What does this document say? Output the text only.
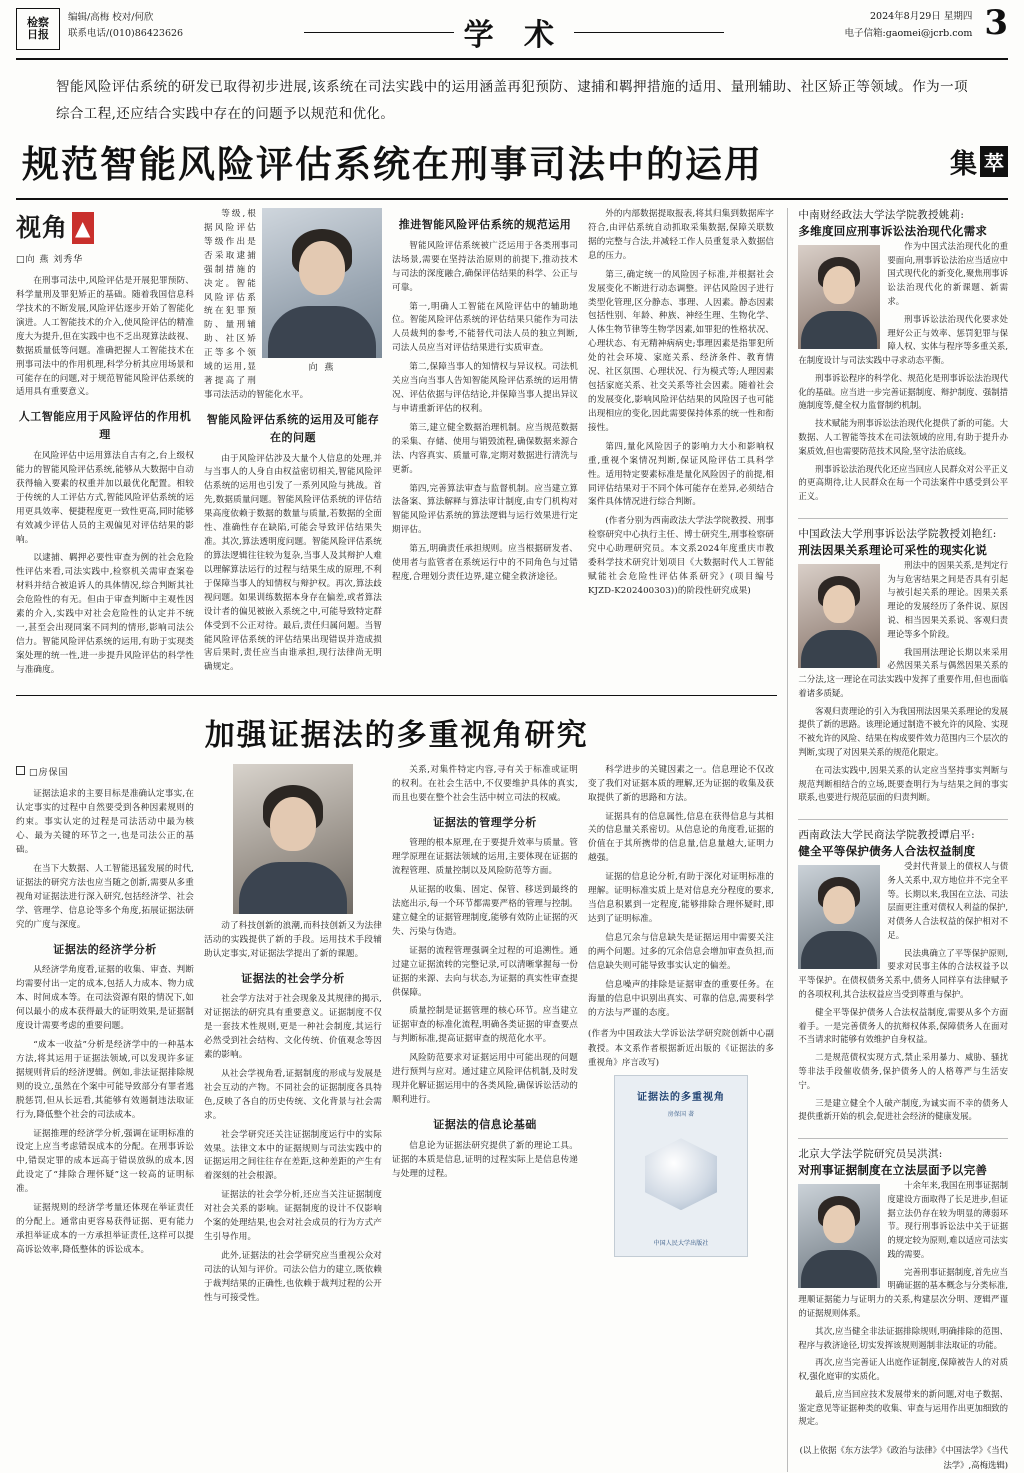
检察
日报
编辑/高梅 校对/何欣
联系电话/(010)86423626	学 术
2024年8月29日 星期四
电子信箱:gaomei@jcrb.com 3
智能风险评估系统的研发已取得初步进展,该系统在司法实践中的运用涵盖再犯预防、逮捕和羁押措施的适用、量刑辅助、社区矫正等领域。作为一项综合工程,还应结合实践中存在的问题予以规范和优化。
规范智能风险评估系统在刑事司法中的运用	集 萃
视角 ▲
□向 燕 刘秀华

在刑事司法中,风险评估是开展犯罪预防、科学量刑及罪犯矫正的基础。随着我国信息科学技术的不断发展,风险评估逐步开始了智能化演进。人工智能技术的介入,使风险评估的精准度大为提升,但在实践中也不乏出现算法歧视、数据质量低等问题。准确把握人工智能技术在刑事司法中的作用机理,科学分析其应用场景和可能存在的问题,对于规范智能风险评估系统的适用具有重要意义。

人工智能应用于风险评估的作用机理

在风险评估中运用算法自古有之,台上级权能力的智能风险评估系统,能够从大数据中自动获得输入要素的权重并加以最优化配置。相较于传统的人工评估方式,智能风险评估系统的运用更具效率、便捷程度更一致性更高,同时能够有效减少评估人员的主观偏见对评估结果的影响。

以逮捕、羁押必要性审查为例的社会危险性评估来看,司法实践中,检察机关需审查案卷材料并结合被追诉人的具体情况,综合判断其社会危险性的有无。但由于审查判断中主观性因素的介入,实践中对社会危险性的认定并不统一,甚至会出现同案不同判的情形,影响司法公信力。智能风险评估系统的运用,有助于实现类案处理的统一性,进一步提升风险评估的科学性与准确度。

向 燕

等级,根据风险评估等级作出是否采取逮捕强制措施的决定。智能风险评估系统在犯罪预防、量刑辅助、社区矫正等多个领域的运用,显著提高了刑事司法活动的智能化水平。

智能风险评估系统的运用及可能存在的问题

由于风险评估涉及大量个人信息的处理,并与当事人的人身自由权益密切相关,智能风险评估系统的运用也引发了一系列风险与挑战。首先,数据质量问题。智能风险评估系统的评估结果高度依赖于数据的数量与质量,若数据的全面性、准确性存在缺陷,可能会导致评估结果失准。其次,算法透明度问题。智能风险评估系统的算法逻辑往往较为复杂,当事人及其辩护人难以理解算法运行的过程与结果生成的原理,不利于保障当事人的知情权与辩护权。再次,算法歧视问题。如果训练数据本身存在偏差,或者算法设计者的偏见被嵌入系统之中,可能导致特定群体受到不公正对待。最后,责任归属问题。当智能风险评估系统的评估结果出现错误并造成损害后果时,责任应当由谁承担,现行法律尚无明确规定。

推进智能风险评估系统的规范运用

智能风险评估系统被广泛运用于各类刑事司法场景,需要在坚持法治原则的前提下,推动技术与司法的深度融合,确保评估结果的科学、公正与可靠。

第一,明确人工智能在风险评估中的辅助地位。智能风险评估系统的评估结果只能作为司法人员裁判的参考,不能替代司法人员的独立判断,司法人员应当对评估结果进行实质审查。

第二,保障当事人的知情权与异议权。司法机关应当向当事人告知智能风险评估系统的运用情况、评估依据与评估结论,并保障当事人提出异议与申请重新评估的权利。

第三,建立健全数据治理机制。应当规范数据的采集、存储、使用与销毁流程,确保数据来源合法、内容真实、质量可靠,定期对数据进行清洗与更新。

第四,完善算法审查与监督机制。应当建立算法备案、算法解释与算法审计制度,由专门机构对智能风险评估系统的算法逻辑与运行效果进行定期评估。

第五,明确责任承担规则。应当根据研发者、使用者与监管者在系统运行中的不同角色与过错程度,合理划分责任边界,建立健全救济途径。

外的内部数据提取报表,将其归集到数据库字符合,由评估系统自动抓取采集数据,保障关联数据的完整与合法,并减轻工作人员重复录入数据信息的压力。

第三,确定统一的风险因子标准,并根据社会发展变化不断进行动态调整。评估风险因子进行类型化管理,区分静态、事理、人因素。静态因素包括性别、年龄、种族、神经生理、生物化学、人体生物节律等生物学因素,如罪犯的性格状况、心理状态、有无精神病病史;事理因素是指罪犯所处的社会环境、家庭关系、经济条件、教育情况、社区氛围、心理状况、行为模式等;人理因素包括家庭关系、社交关系等社会因素。随着社会的发展变化,影响风险评估结果的风险因子也可能出现相应的变化,因此需要保持体系的统一性和衔接性。

第四,量化风险因子的影响力大小和影响权重,重视个案情况判断,保证风险评估工具科学性。适用特定要素标准是量化风险因子的前提,相同评估结果对于不同个体可能存在差异,必须结合案件具体情况进行综合判断。

(作者分别为西南政法大学法学院教授、刑事检察研究中心执行主任、博士研究生,刑事检察研究中心助理研究员。本文系2024年度重庆市教委科学技术研究计划项目《大数据时代人工智能赋能社会危险性评估体系研究》(项目编号KJZD-K202400303))的阶段性研究成果)

加强证据法的多重视角研究
□房保国

证据法追求的主要目标是准确认定事实,在认定事实的过程中自然要受到各种因素规则的约束。事实认定的过程是司法活动中最为核心、最为关键的环节之一,也是司法公正的基础。

在当下大数据、人工智能迅猛发展的时代,证据法的研究方法也应当随之创新,需要从多重视角对证据法进行深入研究,包括经济学、社会学、管理学、信息论等多个角度,拓展证据法研究的广度与深度。

证据法的经济学分析

从经济学角度看,证据的收集、审查、判断均需要付出一定的成本,包括人力成本、物力成本、时间成本等。在司法资源有限的情况下,如何以最小的成本获得最大的证明效果,是证据制度设计需要考虑的重要问题。

“成本一收益”分析是经济学中的一种基本方法,将其运用于证据法领域,可以发现许多证据规则背后的经济逻辑。例如,非法证据排除规则的设立,虽然在个案中可能导致部分有罪者逃脱惩罚,但从长远看,其能够有效遏制违法取证行为,降低整个社会的司法成本。

证据推理的经济学分析,强调在证明标准的设定上应当考虑错误成本的分配。在刑事诉讼中,错误定罪的成本远高于错误放纵的成本,因此设定了“排除合理怀疑”这一较高的证明标准。

证据规则的经济学考量还体现在举证责任的分配上。通常由更容易获得证据、更有能力承担举证成本的一方承担举证责任,这样可以提高诉讼效率,降低整体的诉讼成本。

动了科技创新的浪潮,而科技创新又为法律活动的实践提供了新的手段。运用技术手段辅助认定事实,对证据法学提出了新的课题。

证据法的社会学分析

社会学方法对于社会现象及其规律的揭示,对证据法的研究具有重要意义。证据制度不仅是一套技术性规则,更是一种社会制度,其运行必然受到社会结构、文化传统、价值观念等因素的影响。

从社会学视角看,证据制度的形成与发展是社会互动的产物。不同社会的证据制度各具特色,反映了各自的历史传统、文化背景与社会需求。

社会学研究还关注证据制度运行中的实际效果。法律文本中的证据规则与司法实践中的证据运用之间往往存在差距,这种差距的产生有着深刻的社会根源。

证据法的社会学分析,还应当关注证据制度对社会关系的影响。证据制度的设计不仅影响个案的处理结果,也会对社会成员的行为方式产生引导作用。

此外,证据法的社会学研究应当重视公众对司法的认知与评价。司法公信力的建立,既依赖于裁判结果的正确性,也依赖于裁判过程的公开性与可接受性。

关系,对集件特定内容,寻有关于标准或证明的权利。在社会生活中,不仅要维护具体的真实,而且也要在整个社会生活中树立司法的权威。

证据法的管理学分析

管理的根本原理,在于要提升效率与质量。管理学原理在证据法领域的运用,主要体现在证据的流程管理、质量控制以及风险防范等方面。

从证据的收集、固定、保管、移送到最终的法庭出示,每一个环节都需要严格的管理与控制。建立健全的证据管理制度,能够有效防止证据的灭失、污染与伪造。

证据的流程管理强调全过程的可追溯性。通过建立证据流转的完整记录,可以清晰掌握每一份证据的来源、去向与状态,为证据的真实性审查提供保障。

质量控制是证据管理的核心环节。应当建立证据审查的标准化流程,明确各类证据的审查要点与判断标准,提高证据审查的规范化水平。

风险防范要求对证据运用中可能出现的问题进行预判与应对。通过建立风险评估机制,及时发现并化解证据运用中的各类风险,确保诉讼活动的顺利进行。

证据法的信息论基础

信息论为证据法研究提供了新的理论工具。证据的本质是信息,证明的过程实际上是信息传递与处理的过程。

科学进步的关键因素之一。信息理论不仅改变了我们对证据本质的理解,还为证据的收集及获取提供了新的思路和方法。

证据具有的信息属性,信息在获得信息与其相关的信息量关系密切。从信息论的角度看,证据的价值在于其所携带的信息量,信息量越大,证明力越强。

证据的信息论分析,有助于深化对证明标准的理解。证明标准实质上是对信息充分程度的要求,当信息积累到一定程度,能够排除合理怀疑时,即达到了证明标准。

信息冗余与信息缺失是证据运用中需要关注的两个问题。过多的冗余信息会增加审查负担,而信息缺失则可能导致事实认定的偏差。

信息噪声的排除是证据审查的重要任务。在海量的信息中识别出真实、可靠的信息,需要科学的方法与严谨的态度。

(作者为中国政法大学诉讼法学研究院创新中心副教授。本文系作者根据新近出版的《证据法的多重视角》序言改写)
证据法的多重视角
房保国 著
中国人民大学出版社
中南财经政法大学法学院教授姚莉:
多维度回应刑事诉讼法治现代化需求

作为中国式法治现代化的重要面向,刑事诉讼法治应当适应中国式现代化的新变化,聚焦刑事诉讼法治现代化的新课题、新需求。

刑事诉讼法治现代化要求处理好公正与效率、惩罚犯罪与保障人权、实体与程序等多重关系,在制度设计与司法实践中寻求动态平衡。

刑事诉讼程序的科学化、规范化是刑事诉讼法治现代化的基础。应当进一步完善证据制度、辩护制度、强制措施制度等,健全权力监督制约机制。

技术赋能为刑事诉讼法治现代化提供了新的可能。大数据、人工智能等技术在司法领域的应用,有助于提升办案质效,但也需要防范技术风险,坚守法治底线。

刑事诉讼法治现代化还应当回应人民群众对公平正义的更高期待,让人民群众在每一个司法案件中感受到公平正义。

中国政法大学刑事诉讼法学院教授刘艳红:
刑法因果关系理论可采性的现实化说

刑法中的因果关系,是判定行为与危害结果之间是否具有引起与被引起关系的理论。因果关系理论的发展经历了条件说、原因说、相当因果关系说、客观归责理论等多个阶段。

我国刑法理论长期以来采用必然因果关系与偶然因果关系的二分法,这一理论在司法实践中发挥了重要作用,但也面临着诸多质疑。

客观归责理论的引入为我国刑法因果关系理论的发展提供了新的思路。该理论通过制造不被允许的风险、实现不被允许的风险、结果在构成要件效力范围内三个层次的判断,实现了对因果关系的规范化限定。

在司法实践中,因果关系的认定应当坚持事实判断与规范判断相结合的立场,既要查明行为与结果之间的事实联系,也要进行规范层面的归责判断。

西南政法大学民商法学院教授谭启平:
健全平等保护债务人合法权益制度

受封代背景上的债权人与债务人关系中,双方地位并不完全平等。长期以来,我国在立法、司法层面更注重对债权人利益的保护,对债务人合法权益的保护相对不足。

民法典确立了平等保护原则,要求对民事主体的合法权益予以平等保护。在债权债务关系中,债务人同样享有法律赋予的各项权利,其合法权益应当受到尊重与保护。

健全平等保护债务人合法权益制度,需要从多个方面着手。一是完善债务人的抗辩权体系,保障债务人在面对不当请求时能够有效维护自身权益。

二是规范债权实现方式,禁止采用暴力、威胁、骚扰等非法手段催收债务,保护债务人的人格尊严与生活安宁。

三是建立健全个人破产制度,为诚实而不幸的债务人提供重新开始的机会,促进社会经济的健康发展。

北京大学法学院研究员吴洪淇:
对刑事证据制度在立法层面予以完善

十余年来,我国在刑事证据制度建设方面取得了长足进步,但证据立法仍存在较为明显的薄弱环节。现行刑事诉讼法中关于证据的规定较为原则,难以适应司法实践的需要。

完善刑事证据制度,首先应当明确证据的基本概念与分类标准,理顺证据能力与证明力的关系,构建层次分明、逻辑严谨的证据规则体系。

其次,应当健全非法证据排除规则,明确排除的范围、程序与救济途径,切实发挥该规则遏制非法取证的功能。

再次,应当完善证人出庭作证制度,保障被告人的对质权,强化庭审的实质化。

最后,应当回应技术发展带来的新问题,对电子数据、鉴定意见等证据种类的收集、审查与运用作出更加细致的规定。

(以上依据《东方法学》《政治与法律》《中国法学》《当代法学》,高梅选辑)
